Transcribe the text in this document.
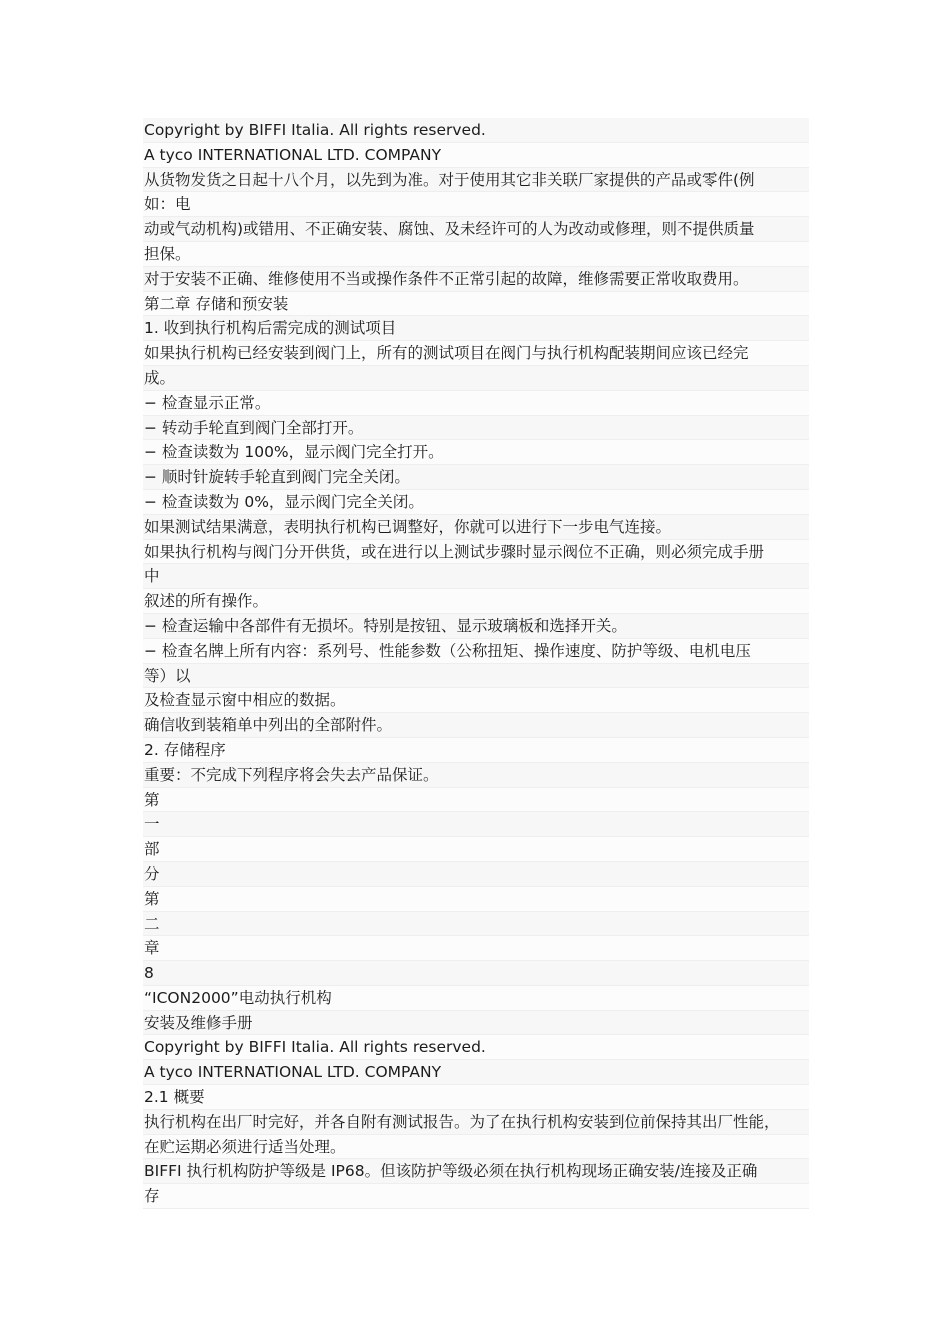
Copyright by BIFFI Italia. All rights reserved.
A tyco INTERNATIONAL LTD. COMPANY
从货物发货之日起十八个月，以先到为准。对于使用其它非关联厂家提供的产品或零件(例
如：电
动或气动机构)或错用、不正确安装、腐蚀、及未经许可的人为改动或修理，则不提供质量
担保。
对于安装不正确、维修使用不当或操作条件不正常引起的故障，维修需要正常收取费用。
第二章 存储和预安装
1. 收到执行机构后需完成的测试项目
如果执行机构已经安装到阀门上，所有的测试项目在阀门与执行机构配装期间应该已经完
成。
− 检查显示正常。
− 转动手轮直到阀门全部打开。
− 检查读数为 100%，显示阀门完全打开。
− 顺时针旋转手轮直到阀门完全关闭。
− 检查读数为 0%，显示阀门完全关闭。
如果测试结果满意，表明执行机构已调整好，你就可以进行下一步电气连接。
如果执行机构与阀门分开供货，或在进行以上测试步骤时显示阀位不正确，则必须完成手册
中
叙述的所有操作。
− 检查运输中各部件有无损坏。特别是按钮、显示玻璃板和选择开关。
− 检查名牌上所有内容：系列号、性能参数（公称扭矩、操作速度、防护等级、电机电压
等）以
及检查显示窗中相应的数据。
确信收到装箱单中列出的全部附件。
2. 存储程序
重要：不完成下列程序将会失去产品保证。
第
一
部
分
第
二
章
8
“ICON2000”电动执行机构
安装及维修手册
Copyright by BIFFI Italia. All rights reserved.
A tyco INTERNATIONAL LTD. COMPANY
2.1 概要
执行机构在出厂时完好，并各自附有测试报告。为了在执行机构安装到位前保持其出厂性能，
在贮运期必须进行适当处理。
BIFFI 执行机构防护等级是 IP68。但该防护等级必须在执行机构现场正确安装/连接及正确
存
